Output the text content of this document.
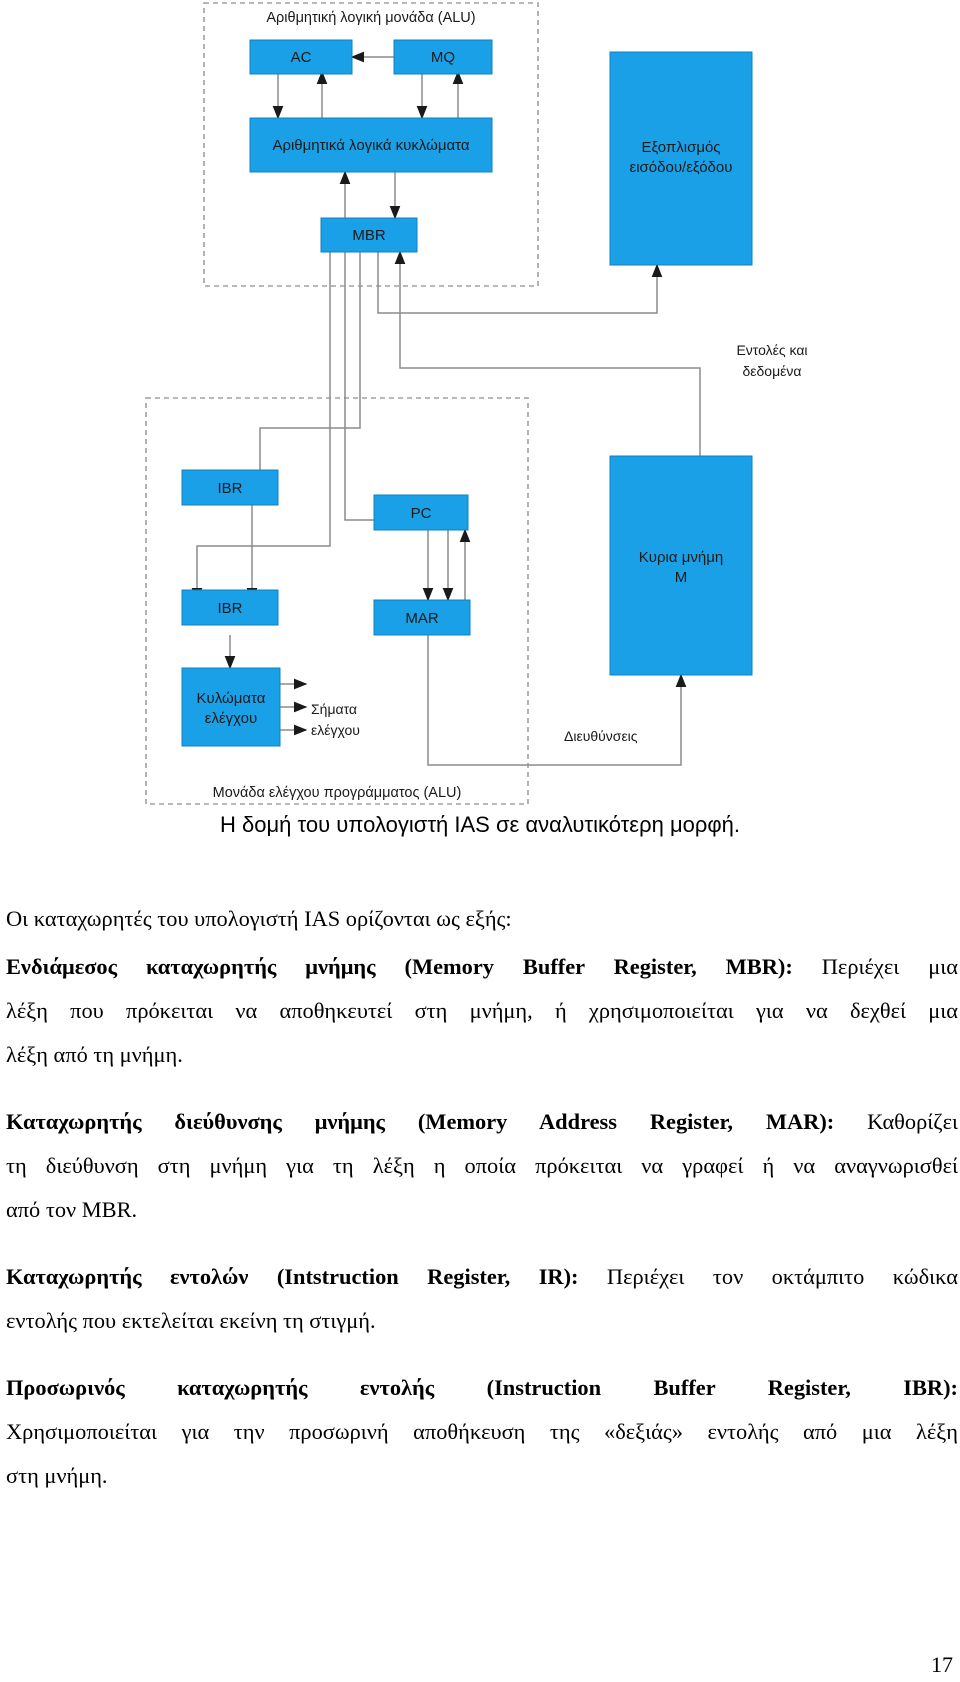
Αριθμητική λογική μονάδα (ALU)
Μονάδα ελέγχου προγράμματος (ALU)
AC	MQ
Αριθμητικά λογικά κυκλώματα
MBR
Εξοπλισμός
εισόδου/εξόδου
IBR
PC
IBR
MAR
Κυλώματα
ελέγχου
Κυρια μνήμη
Μ
Εντολές και
δεδομένα
Σήματα
ελέγχου	Διευθύνσεις
Η δομή του υπολογιστή IAS σε αναλυτικότερη μορφή.

Οι καταχωρητές του υπολογιστή IAS ορίζονται ως εξής:

Ενδιάμεσος καταχωρητής μνήμης (Memory Buffer Register, MBR): Περιέχει μια

λέξη που πρόκειται να αποθηκευτεί στη μνήμη, ή χρησιμοποιείται για να δεχθεί μια

λέξη από τη μνήμη.

Καταχωρητής διεύθυνσης μνήμης (Memory Address Register, MAR): Καθορίζει

τη διεύθυνση στη μνήμη για τη λέξη η οποία πρόκειται να γραφεί ή να αναγνωρισθεί

από τον MBR.

Καταχωρητής εντολών (Intstruction Register, IR): Περιέχει τον οκτάμπιτο κώδικα

εντολής που εκτελείται εκείνη τη στιγμή.

Προσωρινός καταχωρητής εντολής (Instruction Buffer Register, IBR):

Χρησιμοποιείται για την προσωρινή αποθήκευση της «δεξιάς» εντολής από μια λέξη

στη μνήμη.

17
